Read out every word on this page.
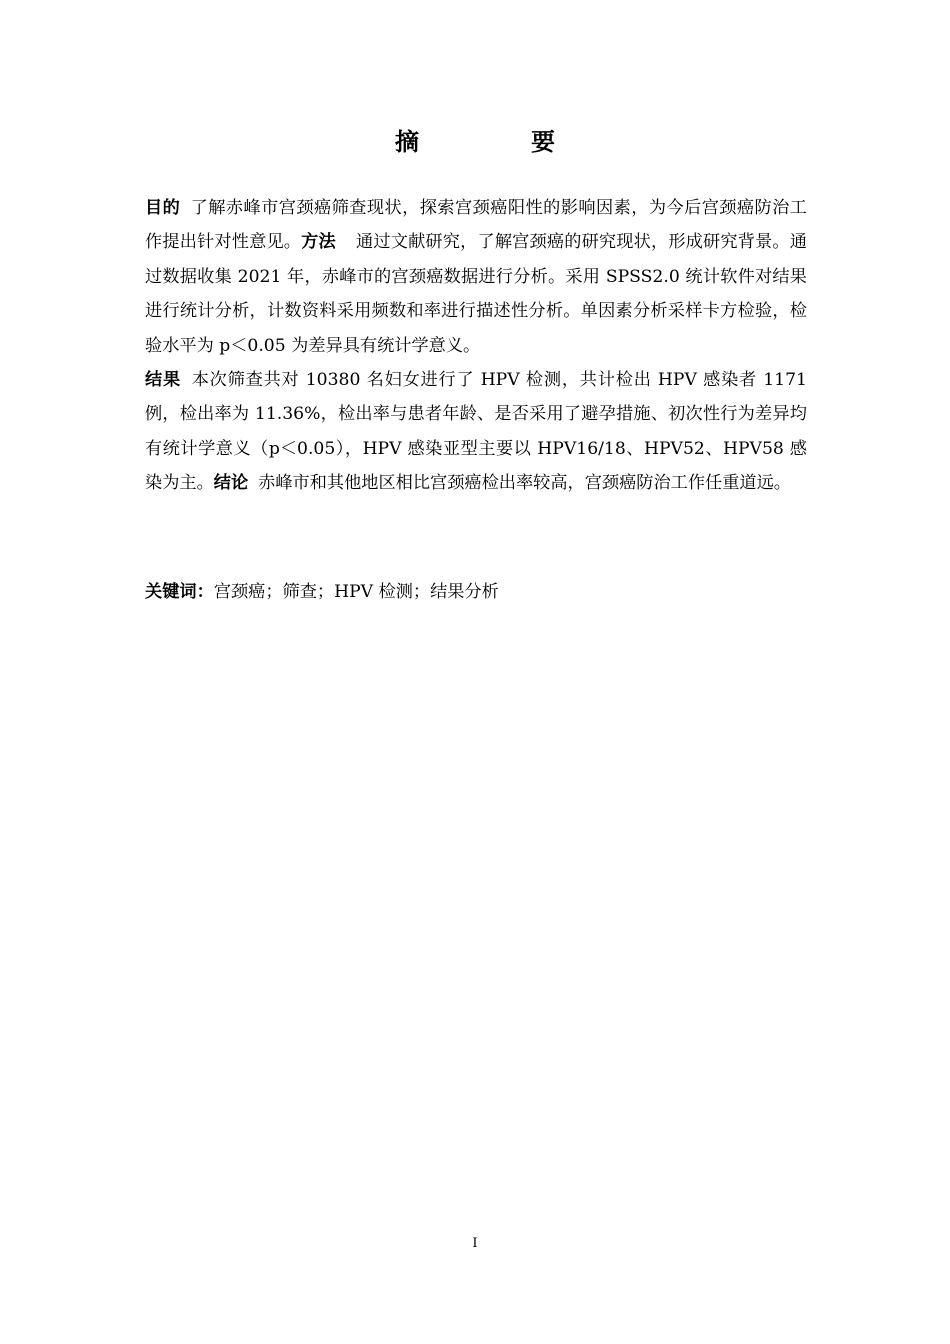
摘　要

目的 了解赤峰市宫颈癌筛查现状，探索宫颈癌阳性的影响因素，为今后宫颈癌防治工作提出针对性意见。方法 通过文献研究，了解宫颈癌的研究现状，形成研究背景。通过数据收集 2021 年，赤峰市的宫颈癌数据进行分析。采用 SPSS2.0 统计软件对结果进行统计分析，计数资料采用频数和率进行描述性分析。单因素分析采样卡方检验，检验水平为 p＜0.05 为差异具有统计学意义。
结果 本次筛查共对 10380 名妇女进行了 HPV 检测，共计检出 HPV 感染者 1171 例，检出率为 11.36%，检出率与患者年龄、是否采用了避孕措施、初次性行为差异均有统计学意义（p＜0.05），HPV 感染亚型主要以 HPV16/18、HPV52、HPV58 感染为主。结论 赤峰市和其他地区相比宫颈癌检出率较高，宫颈癌防治工作任重道远。

关键词：宫颈癌；筛查；HPV 检测；结果分析
I
